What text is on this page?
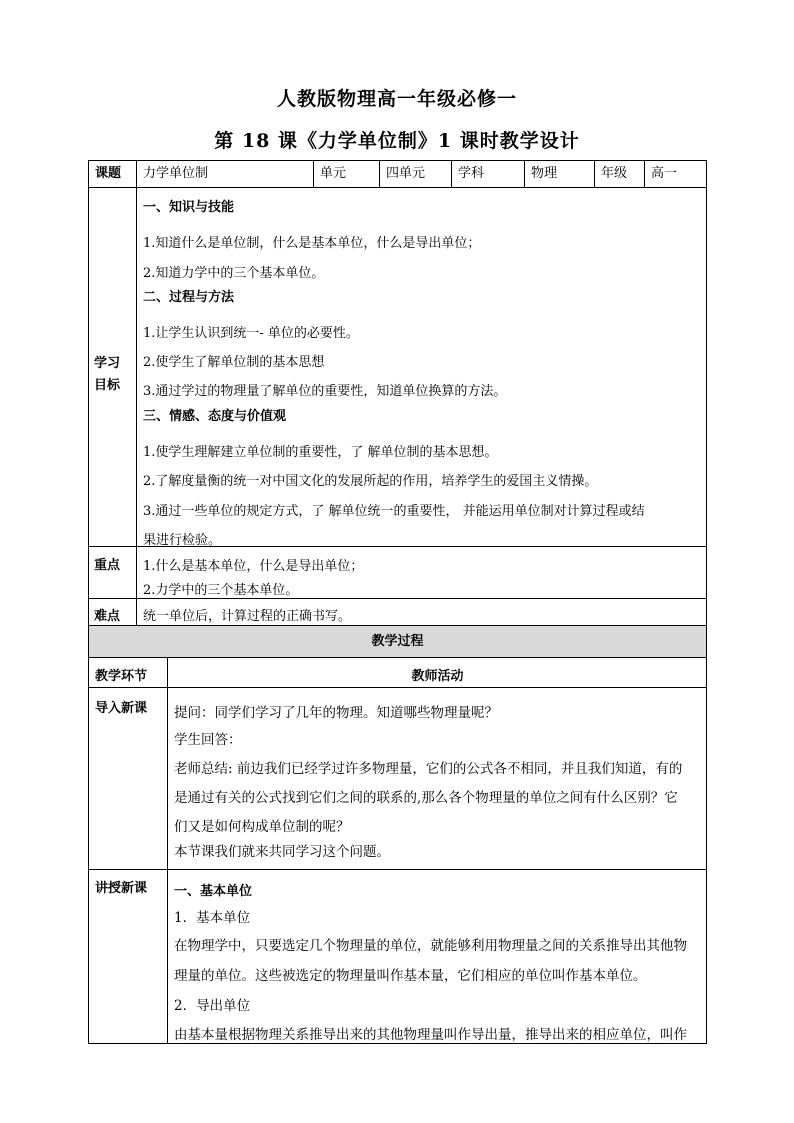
人教版物理高一年级必修一
第 18 课《力学单位制》1 课时教学设计
课题	力学单位制	单元	四单元	学科	物理	年级	高一
学习
目标
一、知识与技能
1.知道什么是单位制，什么是基本单位，什么是导出单位；
2.知道力学中的三个基本单位。
二、过程与方法
1.让学生认识到统一- 单位的必要性。
2.使学生了解单位制的基本思想
3.通过学过的物理量了解单位的重要性，知道单位换算的方法。
三、情感、态度与价值观
1.使学生理解建立单位制的重要性，了 解单位制的基本思想。
2.了解度量衡的统一对中国文化的发展所起的作用，培养学生的爱国主义情操。
3.通过一些单位的规定方式，了 解单位统一的重要性， 并能运用单位制对计算过程或结
果进行检验。
重点 1.什么是基本单位，什么是导出单位；
2.力学中的三个基本单位。
难点 统一单位后，计算过程的正确书写。
教学过程
教学环节	教师活动
导入新课 提问：同学们学习了几年的物理。知道哪些物理量呢？
学生回答：
老师总结: 前边我们已经学过许多物理量，它们的公式各不相同，并且我们知道，有的
是通过有关的公式找到它们之间的联系的,那么各个物理量的单位之间有什么区别？它
们又是如何构成单位制的呢？
本节课我们就来共同学习这个问题。
讲授新课 一、基本单位
1．基本单位
在物理学中，只要选定几个物理量的单位，就能够利用物理量之间的关系推导出其他物
理量的单位。这些被选定的物理量叫作基本量，它们相应的单位叫作基本单位。
2．导出单位
由基本量根据物理关系推导出来的其他物理量叫作导出量，推导出来的相应单位，叫作
